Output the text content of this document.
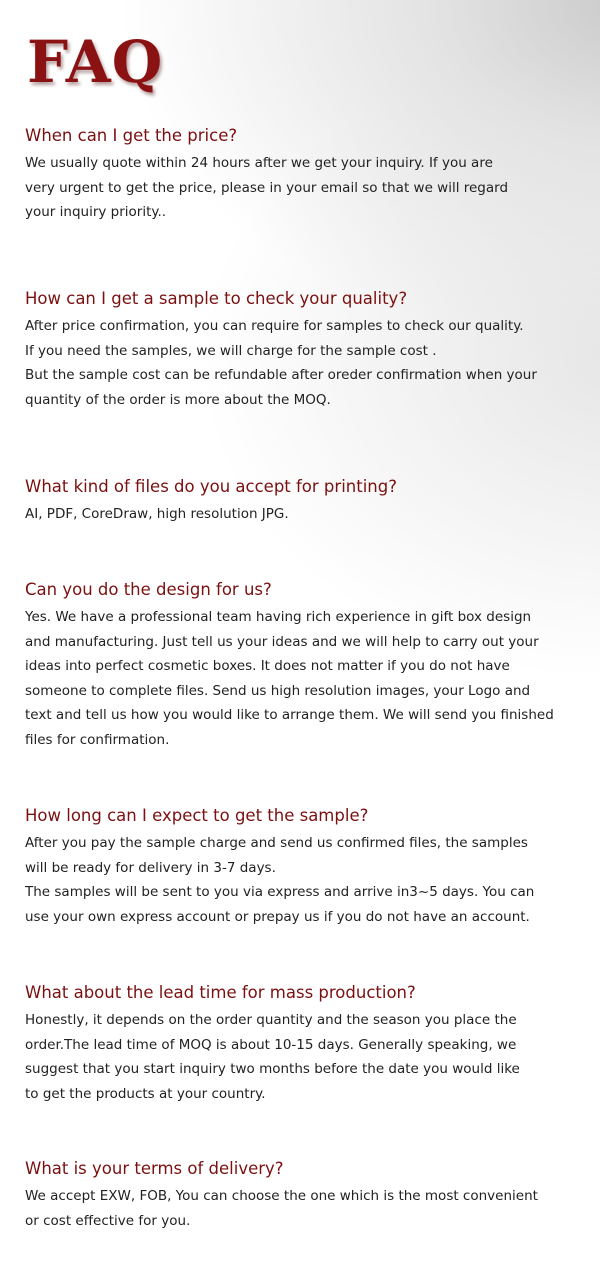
FAQ
When can I get the price?

We usually quote within 24 hours after we get your inquiry. If you are
very urgent to get the price, please in your email so that we will regard
your inquiry priority..

How can I get a sample to check your quality?

After price confirmation, you can require for samples to check our quality.
If you need the samples, we will charge for the sample cost .
But the sample cost can be refundable after oreder confirmation when your
quantity of the order is more about the MOQ.

What kind of files do you accept for printing?

AI, PDF, CoreDraw, high resolution JPG.

Can you do the design for us?

Yes. We have a professional team having rich experience in gift box design
and manufacturing. Just tell us your ideas and we will help to carry out your
ideas into perfect cosmetic boxes. It does not matter if you do not have
someone to complete files. Send us high resolution images, your Logo and
text and tell us how you would like to arrange them. We will send you finished
files for confirmation.

How long can I expect to get the sample?

After you pay the sample charge and send us confirmed files, the samples
will be ready for delivery in 3-7 days.
The samples will be sent to you via express and arrive in3~5 days. You can
use your own express account or prepay us if you do not have an account.

What about the lead time for mass production?

Honestly, it depends on the order quantity and the season you place the
order.The lead time of MOQ is about 10-15 days. Generally speaking, we
suggest that you start inquiry two months before the date you would like
to get the products at your country.

What is your terms of delivery?

We accept EXW, FOB, You can choose the one which is the most convenient
or cost effective for you.
